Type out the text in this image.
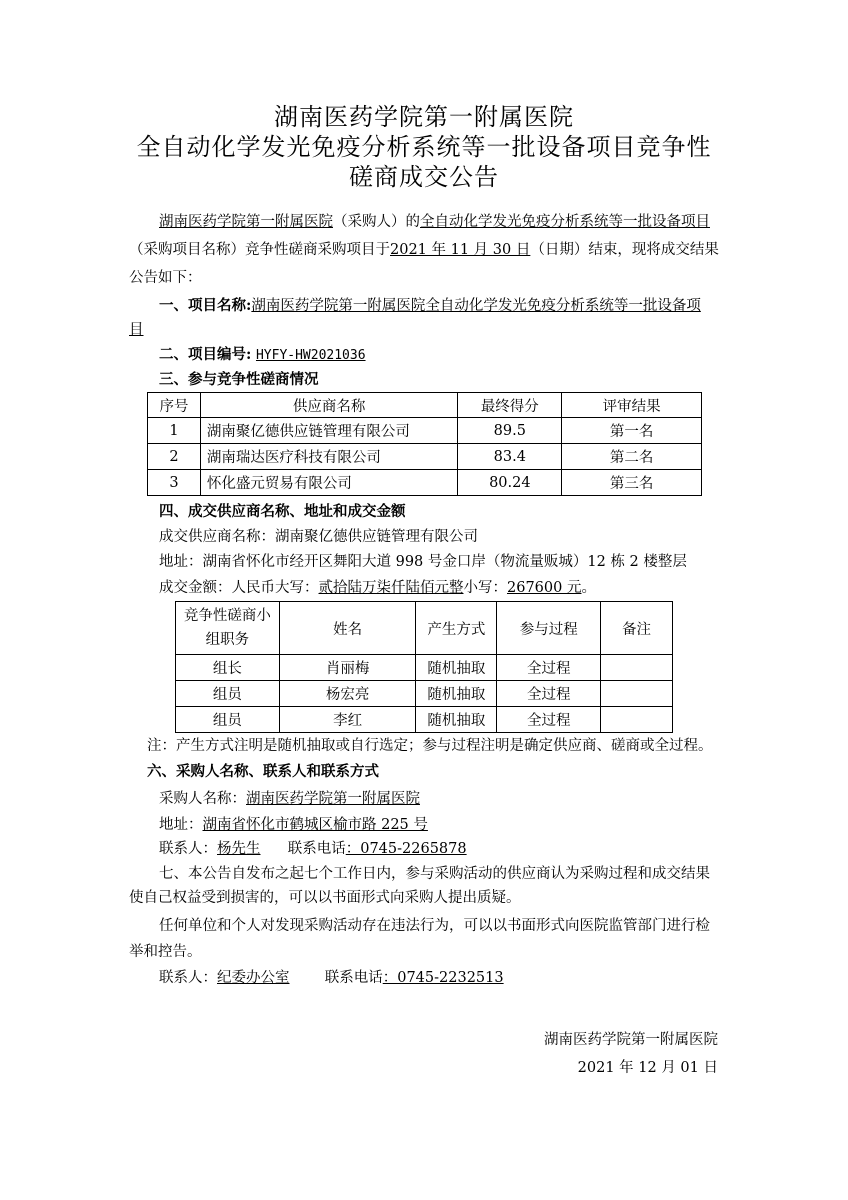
湖南医药学院第一附属医院
全自动化学发光免疫分析系统等一批设备项目竞争性
磋商成交公告
湖南医药学院第一附属医院（采购人）的全自动化学发光免疫分析系统等一批设备项目
（采购项目名称）竞争性磋商采购项目于2021 年 11 月 30 日（日期）结束，现将成交结果
公告如下：
一、项目名称:湖南医药学院第一附属医院全自动化学发光免疫分析系统等一批设备项
目
二、项目编号: HYFY-HW2021036
三、参与竞争性磋商情况
序号	供应商名称	最终得分	评审结果
1	湖南聚亿德供应链管理有限公司	89.5	第一名
2	湖南瑞达医疗科技有限公司	83.4	第二名
3	怀化盛元贸易有限公司	80.24	第三名
四、成交供应商名称、地址和成交金额
成交供应商名称：湖南聚亿德供应链管理有限公司
地址：湖南省怀化市经开区舞阳大道 998 号金口岸（物流量贩城）12 栋 2 楼整层
成交金额：人民币大写：贰拾陆万柒仟陆佰元整小写：267600 元。
竞争性磋商小
组职务	姓名	产生方式	参与过程	备注
组长	肖丽梅	随机抽取	全过程	
组员	杨宏亮	随机抽取	全过程	
组员	李红	随机抽取	全过程	
注：产生方式注明是随机抽取或自行选定；参与过程注明是确定供应商、磋商或全过程。
六、采购人名称、联系人和联系方式
采购人名称：湖南医药学院第一附属医院
地址：湖南省怀化市鹤城区榆市路 225 号
联系人：杨先生 联系电话：0745-2265878
七、本公告自发布之起七个工作日内，参与采购活动的供应商认为采购过程和成交结果
使自己权益受到损害的，可以以书面形式向采购人提出质疑。
任何单位和个人对发现采购活动存在违法行为，可以以书面形式向医院监管部门进行检
举和控告。
联系人：纪委办公室 联系电话：0745-2232513
湖南医药学院第一附属医院
2021 年 12 月 01 日
